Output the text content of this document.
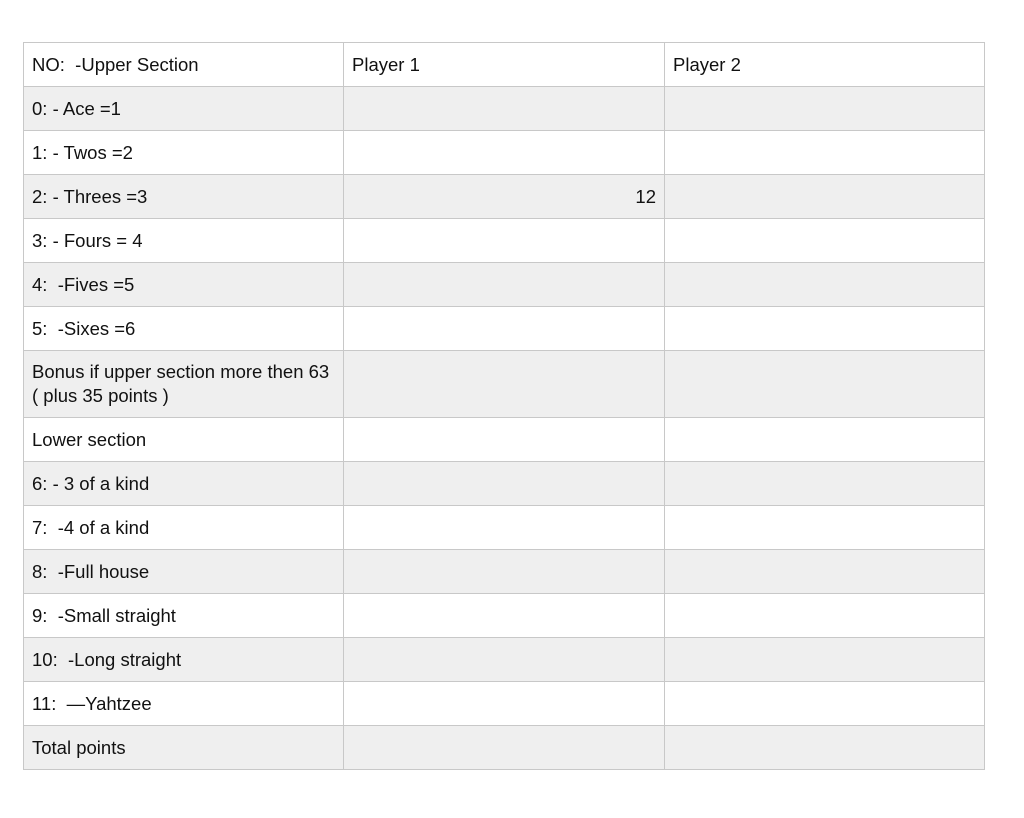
NO:  -Upper Section	Player 1	Player 2
0: - Ace =1		
1: - Twos =2		
2: - Threes =3	12	
3: - Fours = 4		
4:  -Fives =5		
5:  -Sixes =6		
Bonus if upper section more then 63 ( plus 35 points )		
Lower section		
6: - 3 of a kind		
7:  -4 of a kind		
8:  -Full house		
9:  -Small straight		
10:  -Long straight		
11:  —Yahtzee		
Total points		
